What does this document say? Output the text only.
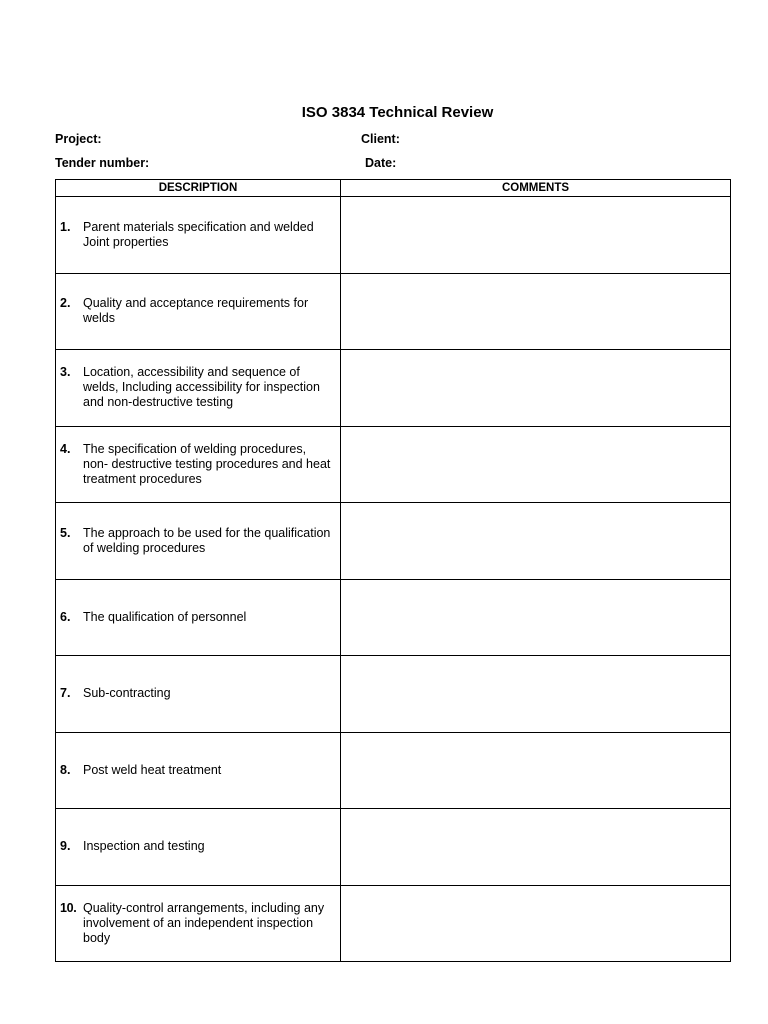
ISO 3834 Technical Review
Project:	Client:
Tender number:	Date:
DESCRIPTION	COMMENTS

1. Parent materials specification and welded Joint properties	

2. Quality and acceptance requirements for welds	

3. Location, accessibility and sequence of welds, Including accessibility for inspection and non-destructive testing	

4. The specification of welding procedures, non- destructive testing procedures and heat treatment procedures	

5. The approach to be used for the qualification of welding procedures	

6. The qualification of personnel	

7. Sub-contracting	

8. Post weld heat treatment	

9. Inspection and testing	

10. Quality-control arrangements, including any involvement of an independent inspection body	
